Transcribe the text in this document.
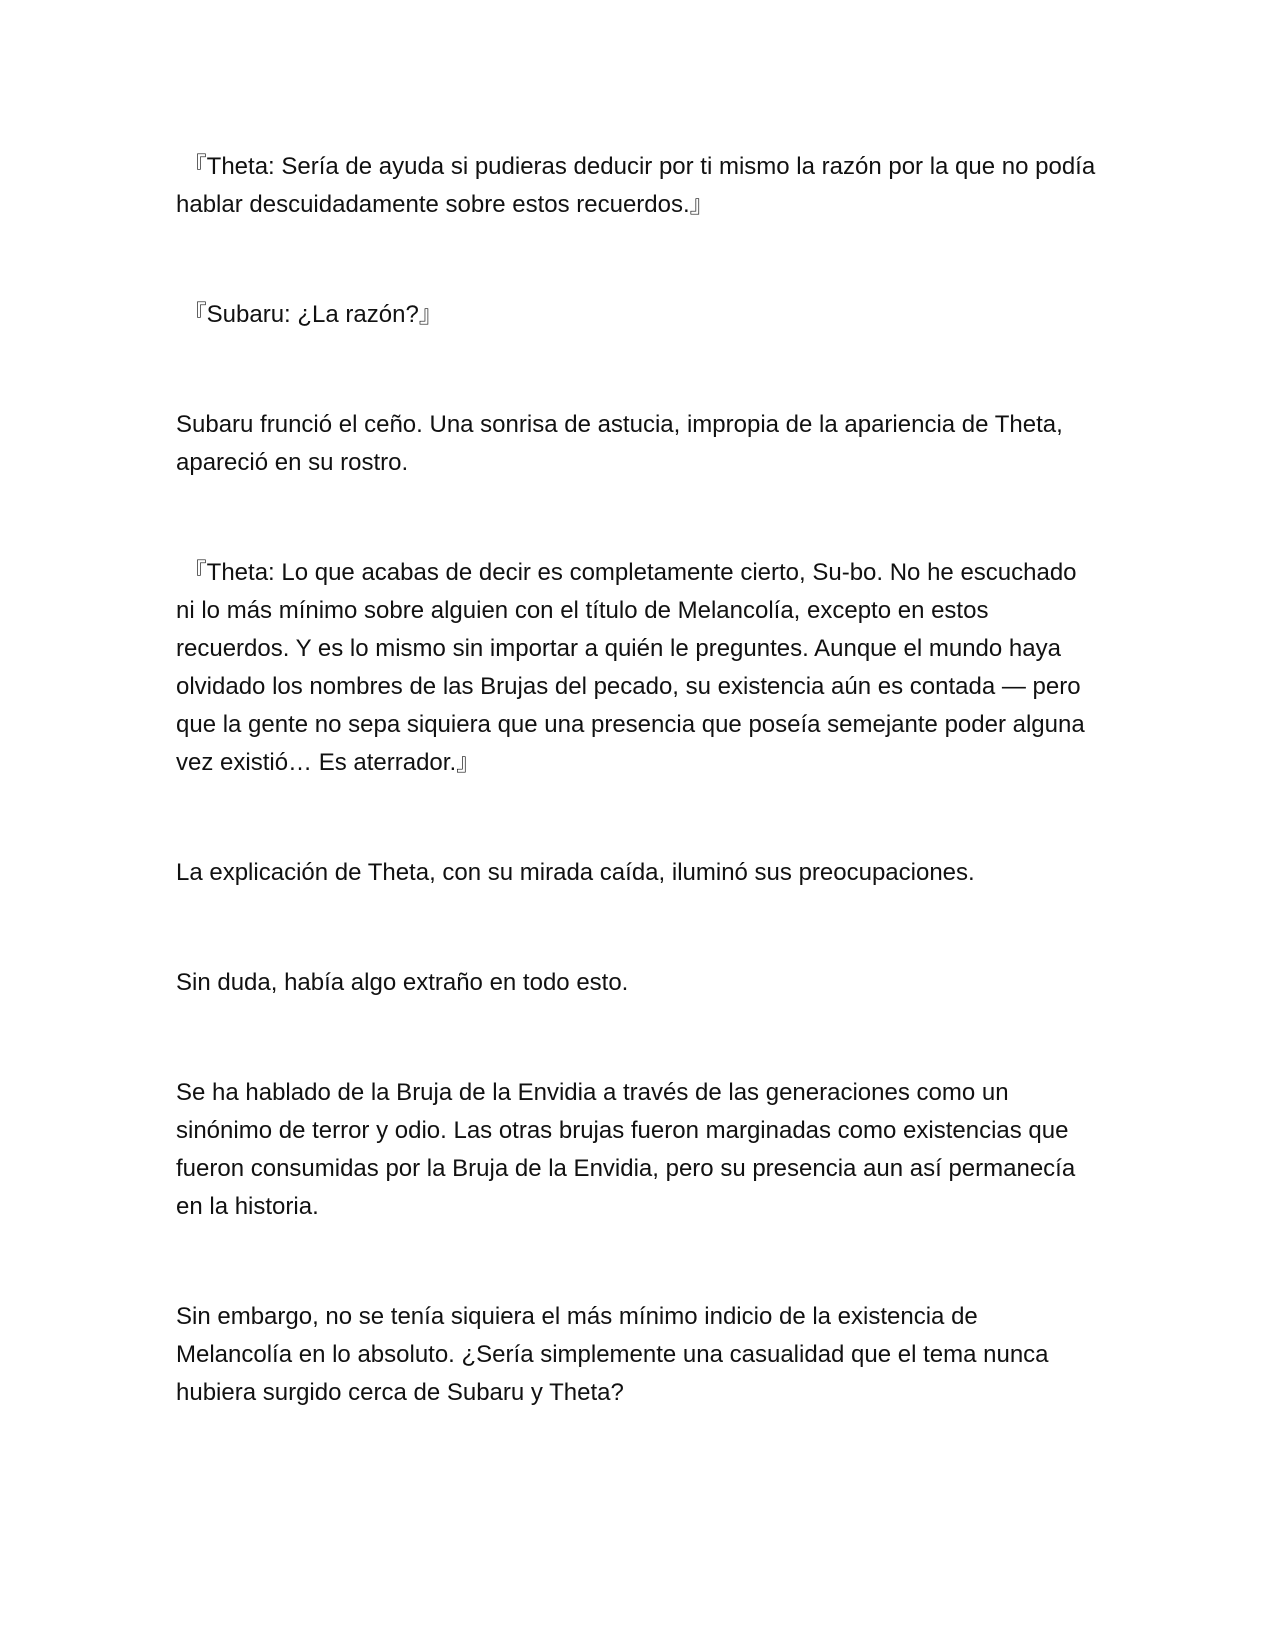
『Theta: Sería de ayuda si pudieras deducir por ti mismo la razón por la que no podía hablar descuidadamente sobre estos recuerdos.』

『Subaru: ¿La razón?』

Subaru frunció el ceño. Una sonrisa de astucia, impropia de la apariencia de Theta, apareció en su rostro.

『Theta: Lo que acabas de decir es completamente cierto, Su-bo. No he escuchado ni lo más mínimo sobre alguien con el título de Melancolía, excepto en estos recuerdos. Y es lo mismo sin importar a quién le preguntes. Aunque el mundo haya olvidado los nombres de las Brujas del pecado, su existencia aún es contada — pero que la gente no sepa siquiera que una presencia que poseía semejante poder alguna vez existió… Es aterrador.』

La explicación de Theta, con su mirada caída, iluminó sus preocupaciones.

Sin duda, había algo extraño en todo esto.

Se ha hablado de la Bruja de la Envidia a través de las generaciones como un sinónimo de terror y odio. Las otras brujas fueron marginadas como existencias que fueron consumidas por la Bruja de la Envidia, pero su presencia aun así permanecía en la historia.

Sin embargo, no se tenía siquiera el más mínimo indicio de la existencia de Melancolía en lo absoluto. ¿Sería simplemente una casualidad que el tema nunca hubiera surgido cerca de Subaru y Theta?
